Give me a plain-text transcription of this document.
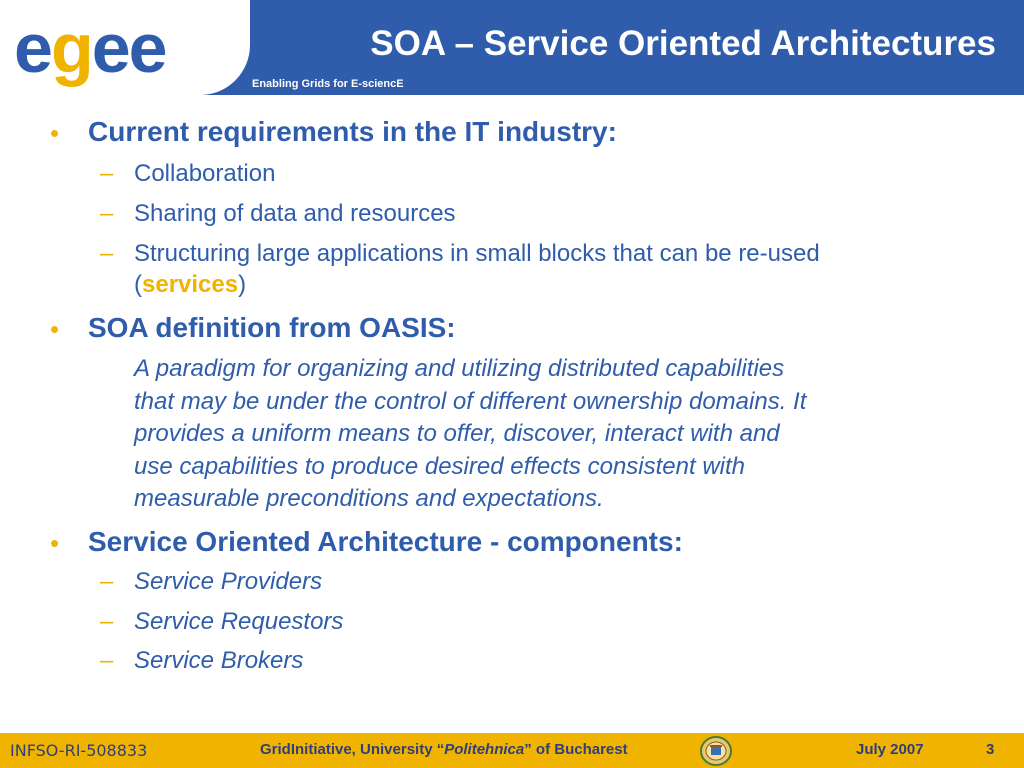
egee	SOA – Service Oriented Architectures
Enabling Grids for E-sciencE
• Current requirements in the IT industry:
– Collaboration
– Sharing of data and resources
– Structuring large applications in small blocks that can be re-used
(services)
• SOA definition from OASIS:
A paradigm for organizing and utilizing distributed capabilities
that may be under the control of different ownership domains. It
provides a uniform means to offer, discover, interact with and
use capabilities to produce desired effects consistent with
measurable preconditions and expectations.
• Service Oriented Architecture - components:
– Service Providers
– Service Requestors
– Service Brokers
INFSO-RI-508833	GridInitiative, University “Politehnica” of Bucharest	July 2007	3
